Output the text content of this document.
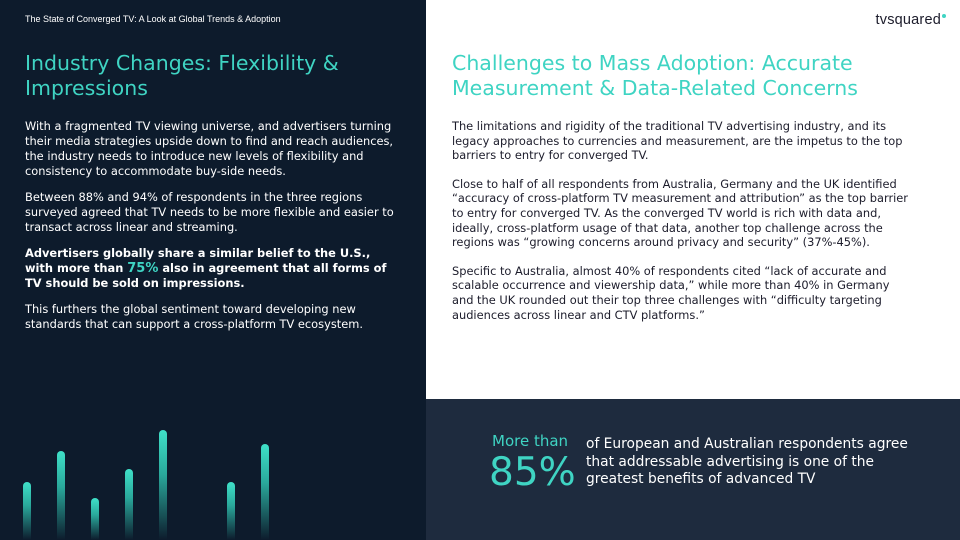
The State of Converged TV: A Look at Global Trends & Adoption
Industry Changes: Flexibility & Impressions

With a fragmented TV viewing universe, and advertisers turning their media strategies upside down to find and reach audiences, the industry needs to introduce new levels of flexibility and consistency to accommodate buy-side needs.

Between 88% and 94% of respondents in the three regions surveyed agreed that TV needs to be more flexible and easier to transact across linear and streaming.

Advertisers globally share a similar belief to the U.S., with more than 75% also in agreement that all forms of TV should be sold on impressions.

This furthers the global sentiment toward developing new standards that can support a cross-platform TV ecosystem.

tvsquared
Challenges to Mass Adoption: Accurate Measurement & Data-Related Concerns

The limitations and rigidity of the traditional TV advertising industry, and its legacy approaches to currencies and measurement, are the impetus to the top barriers to entry for converged TV.

Close to half of all respondents from Australia, Germany and the UK identified “accuracy of cross-platform TV measurement and attribution” as the top barrier to entry for converged TV. As the converged TV world is rich with data and, ideally, cross-platform usage of that data, another top challenge across the regions was “growing concerns around privacy and security” (37%-45%).

Specific to Australia, almost 40% of respondents cited “lack of accurate and scalable occurrence and viewership data,” while more than 40% in Germany and the UK rounded out their top three challenges with “difficulty targeting audiences across linear and CTV platforms.”

More than
85%
of European and Australian respondents agree that addressable advertising is one of the greatest benefits of advanced TV
